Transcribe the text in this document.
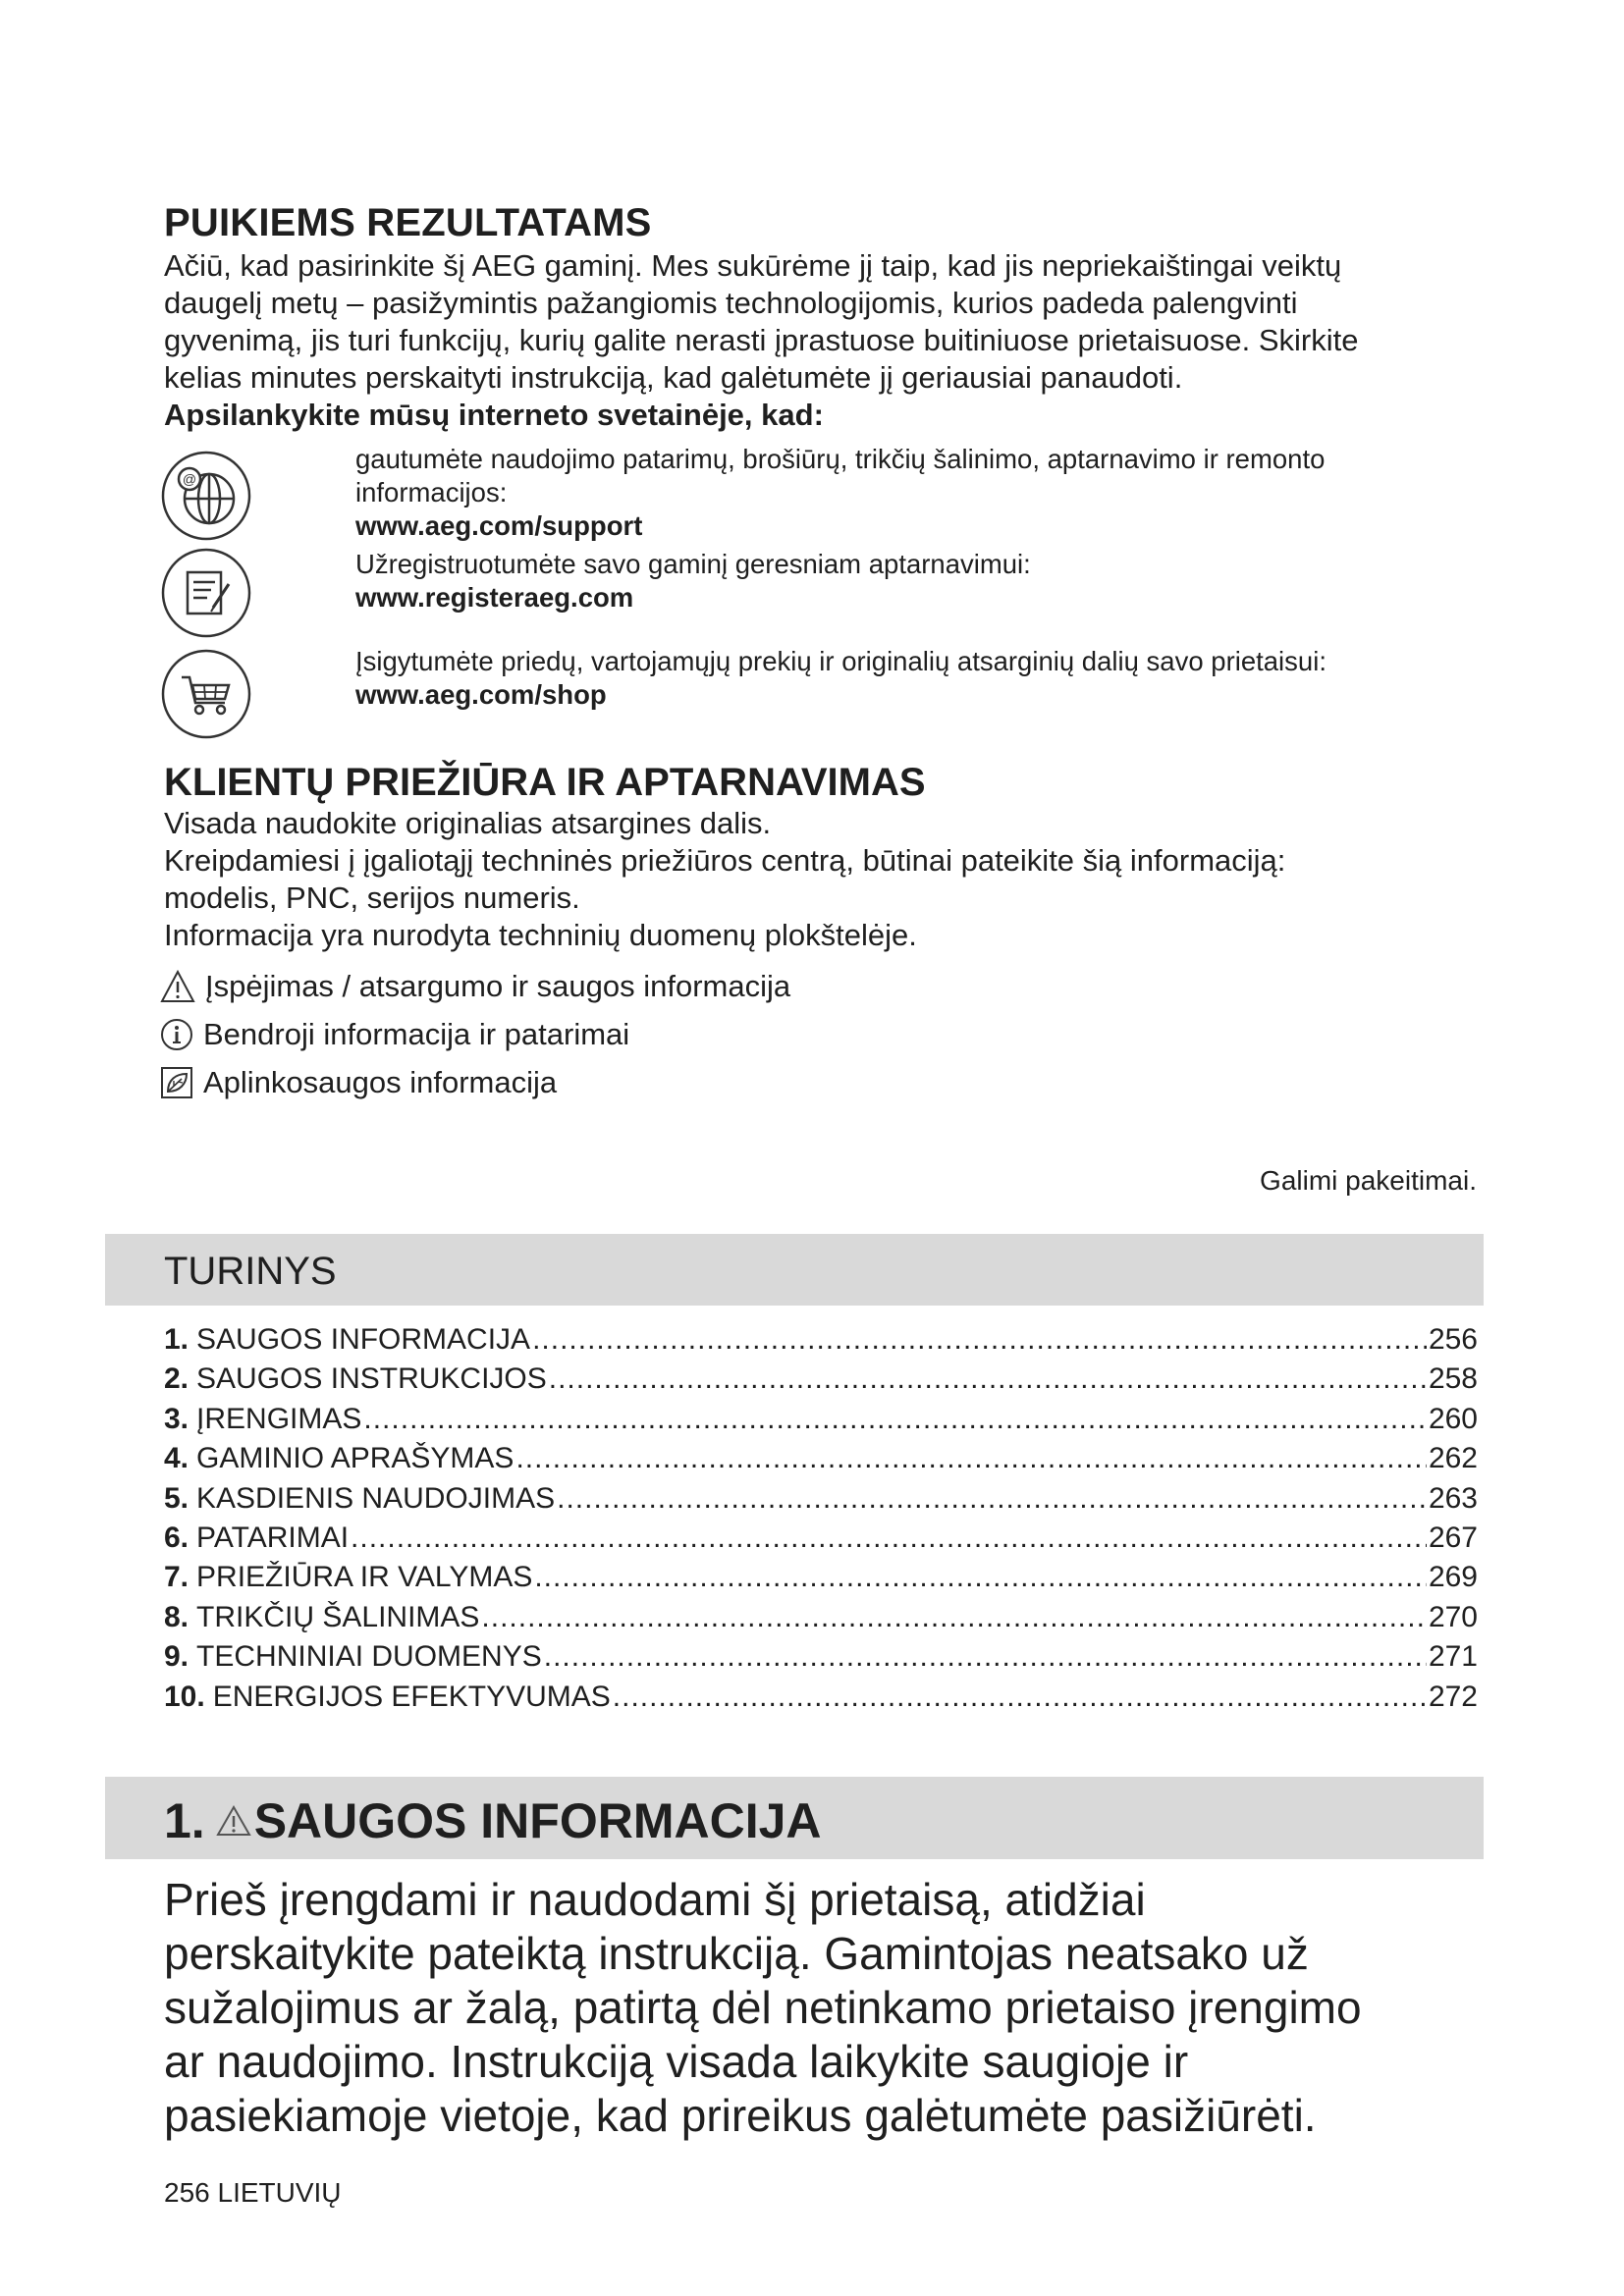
PUIKIEMS REZULTATAMS

Ačiū, kad pasirinkite šį AEG gaminį. Mes sukūrėme jį taip, kad jis nepriekaištingai veiktų

daugelį metų – pasižymintis pažangiomis technologijomis, kurios padeda palengvinti

gyvenimą, jis turi funkcijų, kurių galite nerasti įprastuose buitiniuose prietaisuose. Skirkite

kelias minutes perskaityti instrukciją, kad galėtumėte jį geriausiai panaudoti.

Apsilankykite mūsų interneto svetainėje, kad:

@
gautumėte naudojimo patarimų, brošiūrų, trikčių šalinimo, aptarnavimo ir remonto
informacijos:
www.aeg.com/support
Užregistruotumėte savo gaminį geresniam aptarnavimui:
www.registeraeg.com
Įsigytumėte priedų, vartojamųjų prekių ir originalių atsarginių dalių savo prietaisui:
www.aeg.com/shop
KLIENTŲ PRIEŽIŪRA IR APTARNAVIMAS

Visada naudokite originalias atsargines dalis.

Kreipdamiesi į įgaliotąjį techninės priežiūros centrą, būtinai pateikite šią informaciją:

modelis, PNC, serijos numeris.

Informacija yra nurodyta techninių duomenų plokštelėje.

Įspėjimas / atsargumo ir saugos informacija
Bendroji informacija ir patarimai
Aplinkosaugos informacija
Galimi pakeitimai.
TURINYS
1. SAUGOS INFORMACIJA .....	256
2. SAUGOS INSTRUKCIJOS .....	258
3. ĮRENGIMAS .....	260
4. GAMINIO APRAŠYMAS .....	262
5. KASDIENIS NAUDOJIMAS .....	263
6. PATARIMAI .....	267
7. PRIEŽIŪRA IR VALYMAS .....	269
8. TRIKČIŲ ŠALINIMAS .....	270
9. TECHNINIAI DUOMENYS .....	271
10. ENERGIJOS EFEKTYVUMAS .....	272
1. SAUGOS INFORMACIJA
Prieš įrengdami ir naudodami šį prietaisą, atidžiai
perskaitykite pateiktą instrukciją. Gamintojas neatsako už
sužalojimus ar žalą, patirtą dėl netinkamo prietaiso įrengimo
ar naudojimo. Instrukciją visada laikykite saugioje ir
pasiekiamoje vietoje, kad prireikus galėtumėte pasižiūrėti.
256 LIETUVIŲ
